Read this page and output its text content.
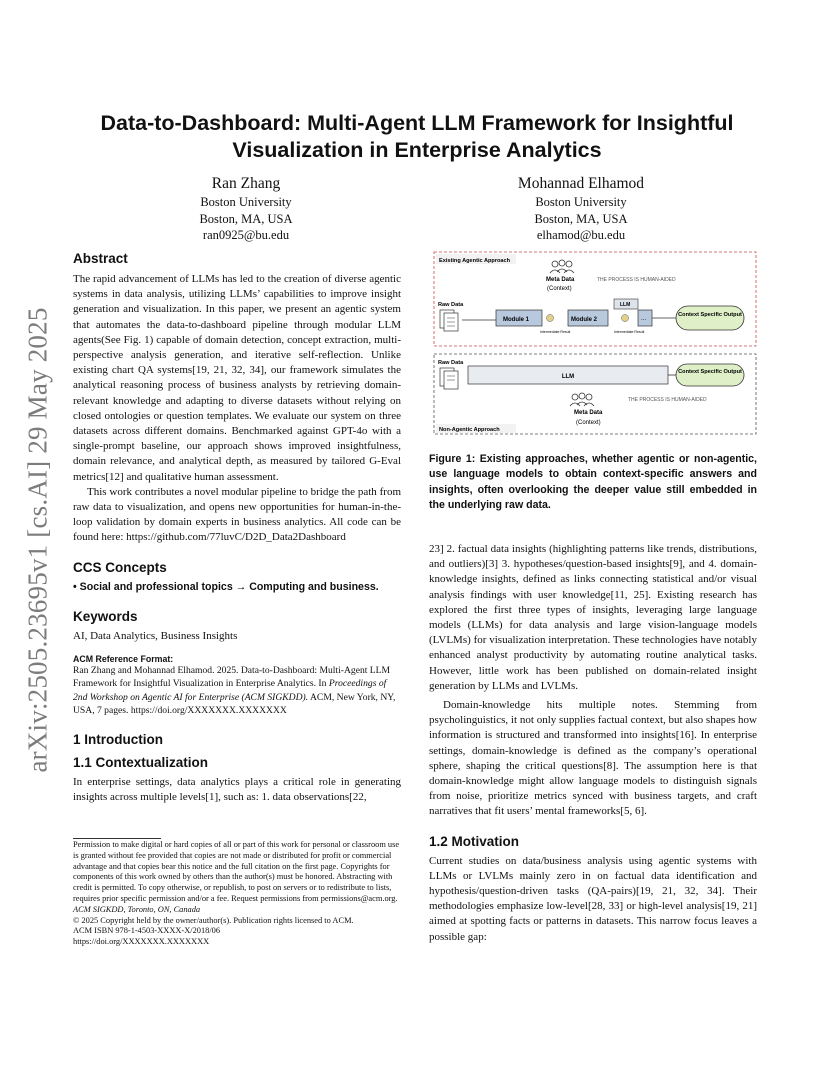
arXiv:2505.23695v1 [cs.AI] 29 May 2025
Data-to-Dashboard: Multi-Agent LLM Framework for Insightful
Visualization in Enterprise Analytics
Ran Zhang
Boston University
Boston, MA, USA
ran0925@bu.edu
Mohannad Elhamod
Boston University
Boston, MA, USA
elhamod@bu.edu
Abstract

The rapid advancement of LLMs has led to the creation of diverse agentic systems in data analysis, utilizing LLMs’ capabilities to improve insight generation and visualization. In this paper, we present an agentic system that automates the data-to-dashboard pipeline through modular LLM agents(See Fig. 1) capable of domain detection, concept extraction, multi-perspective analysis generation, and iterative self-reflection. Unlike existing chart QA systems[19, 21, 32, 34], our framework simulates the analytical reasoning process of business analysts by retrieving domain-relevant knowledge and adapting to diverse datasets without relying on closed ontologies or question templates. We evaluate our system on three datasets across different domains. Benchmarked against GPT-4o with a single-prompt baseline, our approach shows improved insightfulness, domain relevance, and analytical depth, as measured by tailored G-Eval metrics[12] and qualitative human assessment.

This work contributes a novel modular pipeline to bridge the path from raw data to visualization, and opens new opportunities for human-in-the-loop validation by domain experts in business analytics. All code can be found here: https://github.com/77luvC/D2D_Data2Dashboard

CCS Concepts

• Social and professional topics → Computing and business.

Keywords

AI, Data Analytics, Business Insights

ACM Reference Format:

Ran Zhang and Mohannad Elhamod. 2025. Data-to-Dashboard: Multi-Agent LLM Framework for Insightful Visualization in Enterprise Analytics. In Proceedings of 2nd Workshop on Agentic AI for Enterprise (ACM SIGKDD). ACM, New York, NY, USA, 7 pages. https://doi.org/XXXXXXX.XXXXXXX

1 Introduction
1.1 Contextualization

In enterprise settings, data analytics plays a critical role in generating insights across multiple levels[1], such as: 1. data observations[22,

Permission to make digital or hard copies of all or part of this work for personal or classroom use is granted without fee provided that copies are not made or distributed for profit or commercial advantage and that copies bear this notice and the full citation on the first page. Copyrights for components of this work owned by others than the author(s) must be honored. Abstracting with credit is permitted. To copy otherwise, or republish, to post on servers or to redistribute to lists, requires prior specific permission and/or a fee. Request permissions from permissions@acm.org.

ACM SIGKDD, Toronto, ON, Canada

© 2025 Copyright held by the owner/author(s). Publication rights licensed to ACM.

ACM ISBN 978-1-4503-XXXX-X/2018/06

https://doi.org/XXXXXXX.XXXXXXX

Existing Agentic Approach
Meta Data
(Context)
THE PROCESS IS HUMAN-AIDED
Raw Data
Module 1
Intermediate Result
Module 2
LLM
Intermediate Result
...
Context Specific Output
Raw Data
LLM
Context Specific Output
Meta Data
(Context)
THE PROCESS IS HUMAN-AIDED
Non-Agentic Approach
Figure 1: Existing approaches, whether agentic or non-agentic, use language models to obtain context-specific answers and insights, often overlooking the deeper value still embedded in the underlying raw data.

23] 2. factual data insights (highlighting patterns like trends, distributions, and outliers)[3] 3. hypotheses/question-based insights[9], and 4. domain-knowledge insights, defined as links connecting statistical and/or visual analysis findings with user knowledge[11, 25]. Existing research has explored the first three types of insights, leveraging large language models (LLMs) for data analysis and large vision-language models (LVLMs) for visualization interpretation. These technologies have notably enhanced analyst productivity by automating routine analytical tasks. However, little work has been published on domain-related insight generation by LLMs and LVLMs.

Domain-knowledge hits multiple notes. Stemming from psycholinguistics, it not only supplies factual context, but also shapes how information is structured and transformed into insights[16]. In enterprise settings, domain-knowledge is defined as the company’s operational sphere, shaping the critical questions[8]. The assumption here is that domain-knowledge might allow language models to distinguish signals from noise, prioritize metrics synced with business targets, and craft narratives that fit users’ mental frameworks[5, 6].

1.2 Motivation

Current studies on data/business analysis using agentic systems with LLMs or LVLMs mainly zero in on factual data identification and hypothesis/question-driven tasks (QA-pairs)[19, 21, 32, 34]. Their methodologies emphasize low-level[28, 33] or high-level analysis[19, 21] aimed at spotting facts or patterns in datasets. This narrow focus leaves a possible gap:
